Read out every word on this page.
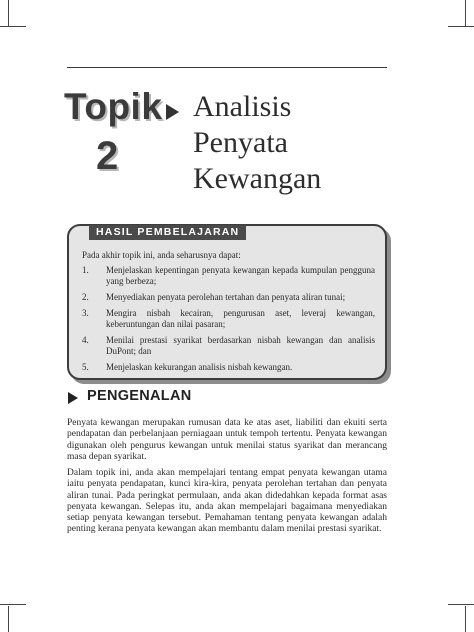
Topik
2
Analisis
Penyata
Kewangan
HASIL PEMBELAJARAN
Pada akhir topik ini, anda seharusnya dapat:
1.	Menjelaskan kepentingan penyata kewangan kepada kumpulan pengguna yang berbeza;
2.	Menyediakan penyata perolehan tertahan dan penyata aliran tunai;
3.	Mengira nisbah kecairan, pengurusan aset, leveraj kewangan, keberuntungan dan nilai pasaran;
4.	Menilai prestasi syarikat berdasarkan nisbah kewangan dan analisis DuPont; dan
5.	Menjelaskan kekurangan analisis nisbah kewangan.
PENGENALAN

Penyata kewangan merupakan rumusan data ke atas aset, liabiliti dan ekuiti serta pendapatan dan perbelanjaan perniagaan untuk tempoh tertentu. Penyata kewangan digunakan oleh pengurus kewangan untuk menilai status syarikat dan merancang masa depan syarikat.

Dalam topik ini, anda akan mempelajari tentang empat penyata kewangan utama iaitu penyata pendapatan, kunci kira-kira, penyata perolehan tertahan dan penyata aliran tunai. Pada peringkat permulaan, anda akan didedahkan kepada format asas penyata kewangan. Selepas itu, anda akan mempelajari bagaimana menyediakan setiap penyata kewangan tersebut. Pemahaman tentang penyata kewangan adalah penting kerana penyata kewangan akan membantu dalam menilai prestasi syarikat.
